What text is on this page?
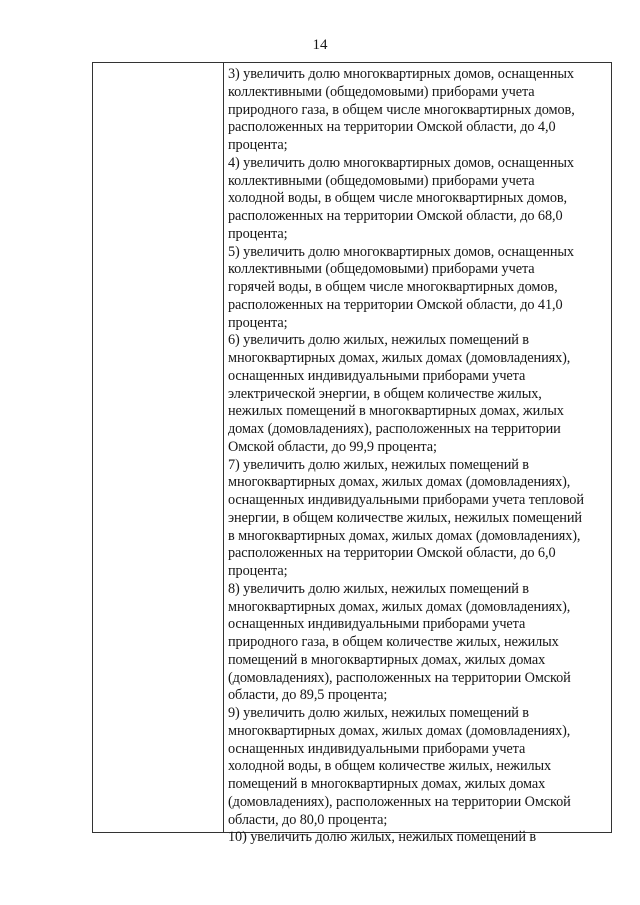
14
3) увеличить долю многоквартирных домов, оснащенных
коллективными (общедомовыми) приборами учета
природного газа, в общем числе многоквартирных домов,
расположенных на территории Омской области, до 4,0
процента;
4) увеличить долю многоквартирных домов, оснащенных
коллективными (общедомовыми) приборами учета
холодной воды, в общем числе многоквартирных домов,
расположенных на территории Омской области, до 68,0
процента;
5) увеличить долю многоквартирных домов, оснащенных
коллективными (общедомовыми) приборами учета
горячей воды, в общем числе многоквартирных домов,
расположенных на территории Омской области, до 41,0
процента;
6) увеличить долю жилых, нежилых помещений в
многоквартирных домах, жилых домах (домовладениях),
оснащенных индивидуальными приборами учета
электрической энергии, в общем количестве жилых,
нежилых помещений в многоквартирных домах, жилых
домах (домовладениях), расположенных на территории
Омской области, до 99,9 процента;
7) увеличить долю жилых, нежилых помещений в
многоквартирных домах, жилых домах (домовладениях),
оснащенных индивидуальными приборами учета тепловой
энергии, в общем количестве жилых, нежилых помещений
в многоквартирных домах, жилых домах (домовладениях),
расположенных на территории Омской области, до 6,0
процента;
8) увеличить долю жилых, нежилых помещений в
многоквартирных домах, жилых домах (домовладениях),
оснащенных индивидуальными приборами учета
природного газа, в общем количестве жилых, нежилых
помещений в многоквартирных домах, жилых домах
(домовладениях), расположенных на территории Омской
области, до 89,5 процента;
9) увеличить долю жилых, нежилых помещений в
многоквартирных домах, жилых домах (домовладениях),
оснащенных индивидуальными приборами учета
холодной воды, в общем количестве жилых, нежилых
помещений в многоквартирных домах, жилых домах
(домовладениях), расположенных на территории Омской
области, до 80,0 процента;
10) увеличить долю жилых, нежилых помещений в
